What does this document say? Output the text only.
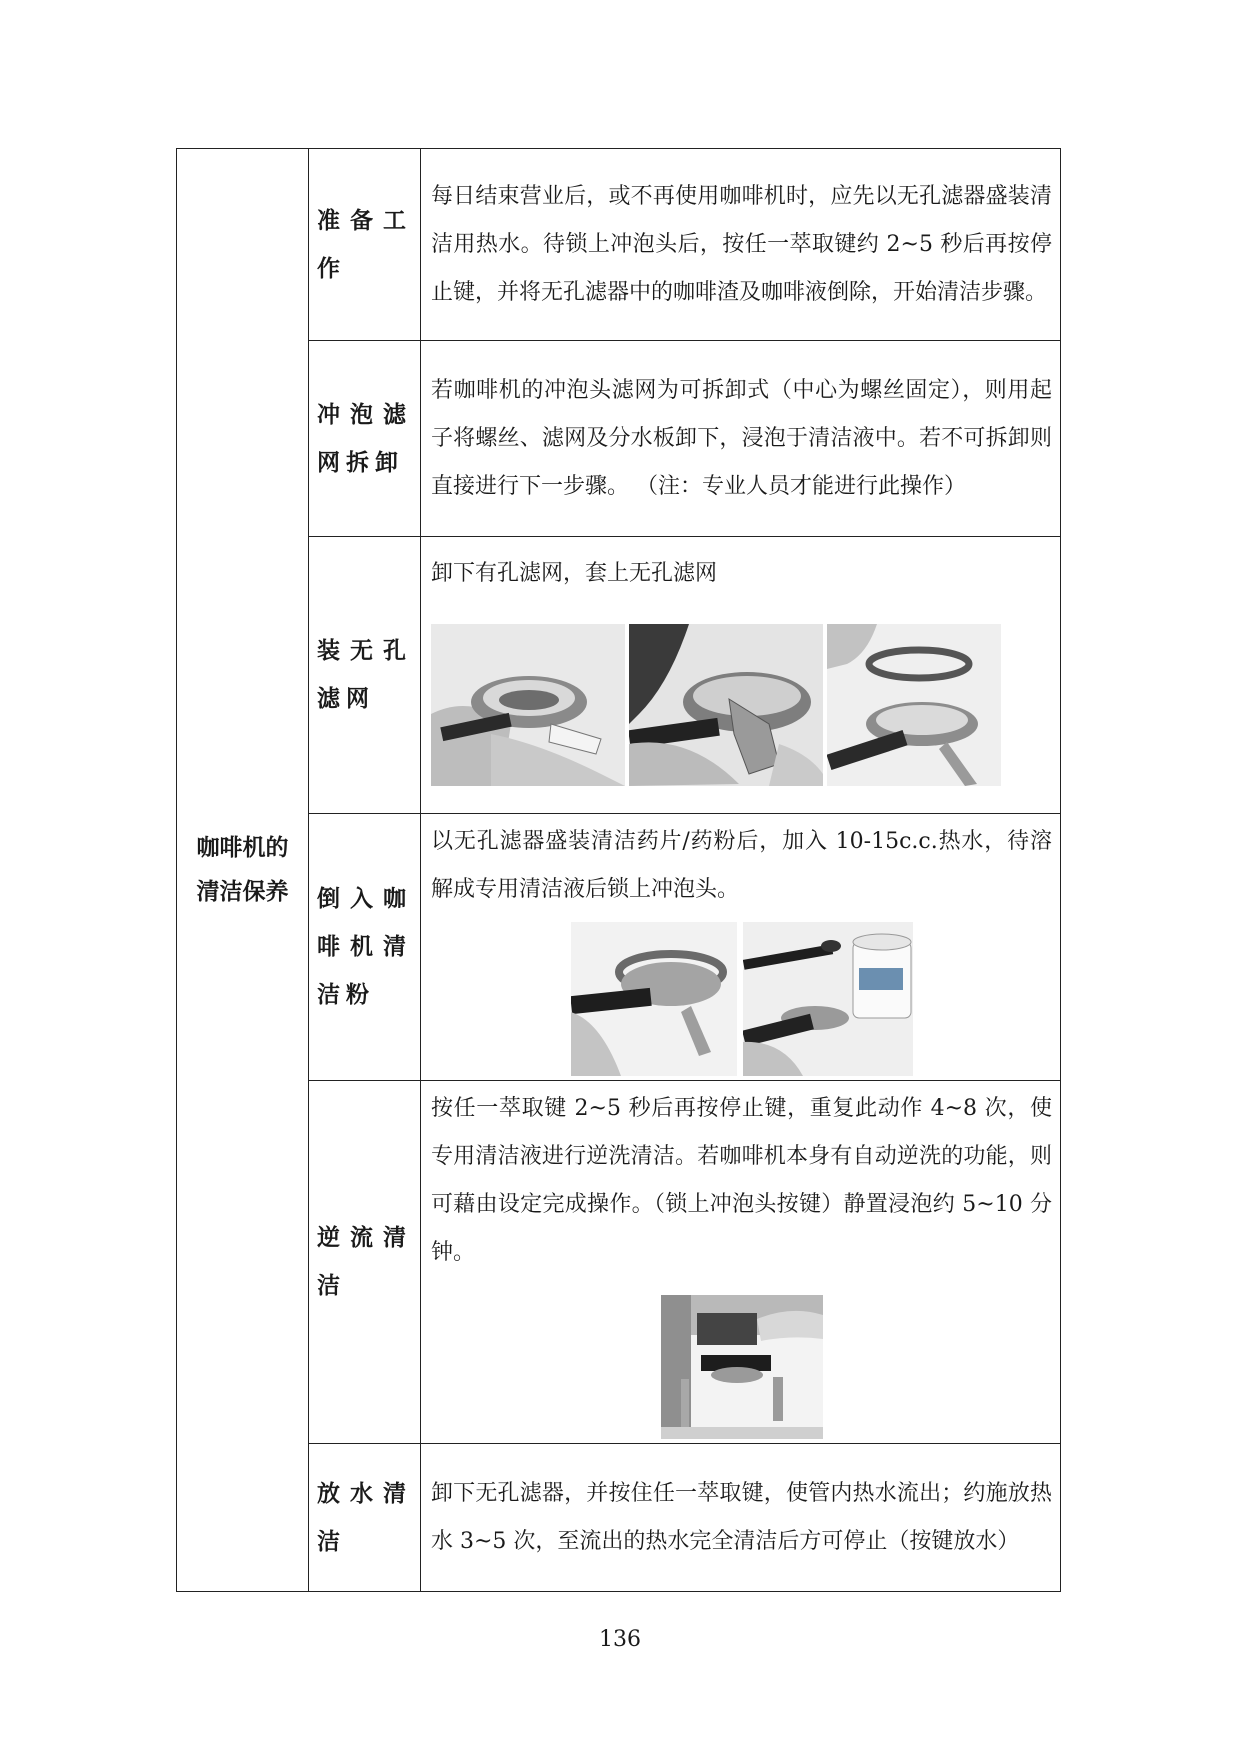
咖啡机的清洁保养	准备工作	每日结束营业后，或不再使用咖啡机时，应先以无孔滤器盛装清洁用热水。待锁上冲泡头后，按任一萃取键约 2~5 秒后再按停止键，并将无孔滤器中的咖啡渣及咖啡液倒除，开始清洁步骤。

	冲泡滤网拆卸	若咖啡机的冲泡头滤网为可拆卸式（中心为螺丝固定），则用起子将螺丝、滤网及分水板卸下，浸泡于清洁液中。若不可拆卸则直接进行下一步骤。 （注：专业人员才能进行此操作）

	装无孔滤网	卸下有孔滤网，套上无孔滤网

	倒入咖啡机清洁粉	以无孔滤器盛装清洁药片/药粉后，加入 10-15c.c.热水，待溶解成专用清洁液后锁上冲泡头。

	逆流清洁	按任一萃取键 2~5 秒后再按停止键，重复此动作 4~8 次，使专用清洁液进行逆洗清洁。若咖啡机本身有自动逆洗的功能，则可藉由设定完成操作。（锁上冲泡头按键）静置浸泡约 5~10 分钟。

	放水清洁	卸下无孔滤器，并按住任一萃取键，使管内热水流出；约施放热水 3~5 次，至流出的热水完全清洁后方可停止（按键放水）
136
